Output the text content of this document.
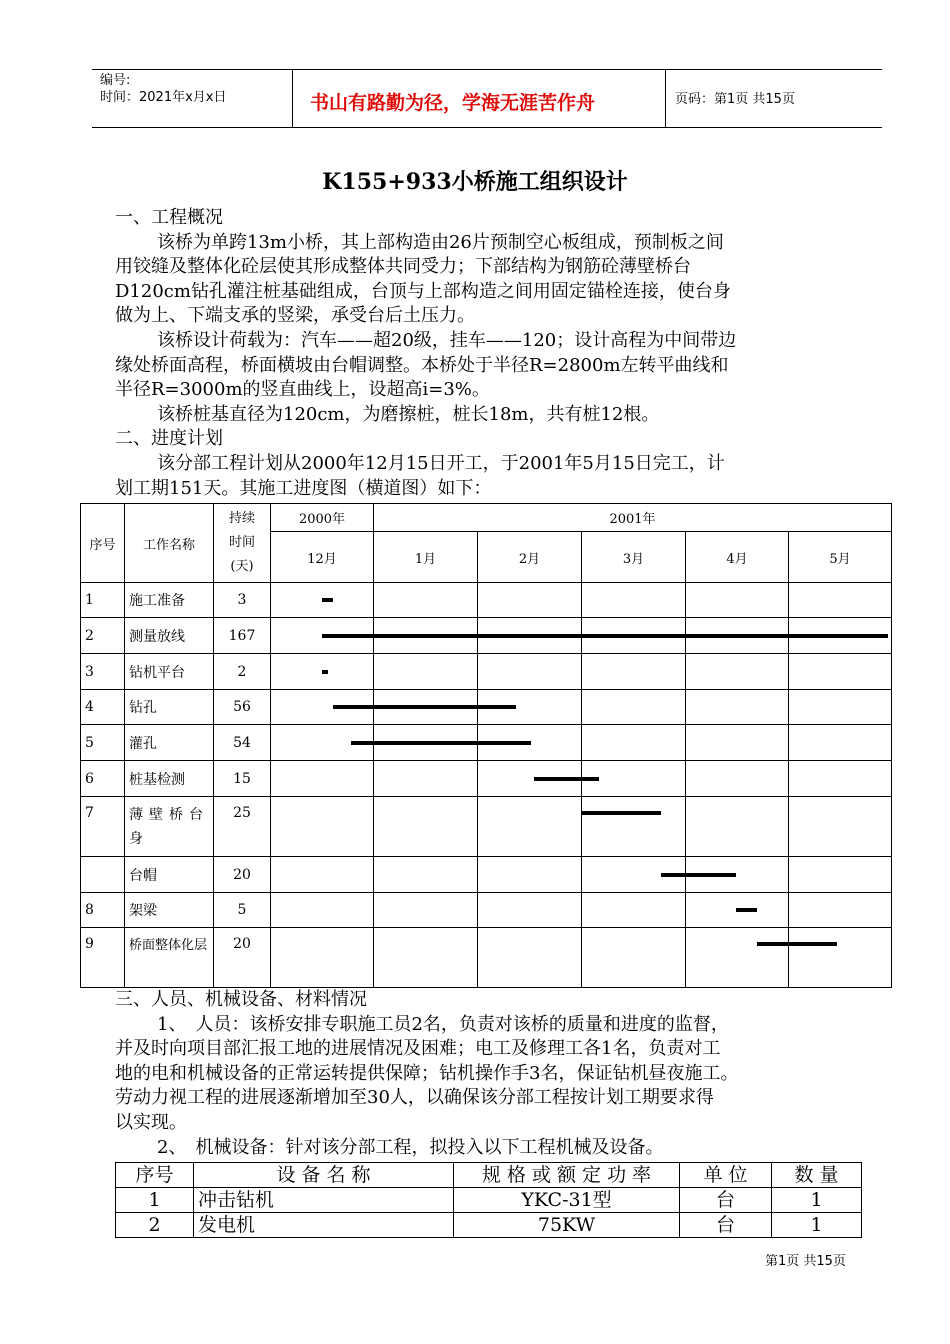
编号:
时间：2021年x月x日	书山有路勤为径，学海无涯苦作舟	页码：第1页 共15页
K155+933小桥施工组织设计
一、工程概况
该桥为单跨13m小桥，其上部构造由26片预制空心板组成，预制板之间
用铰缝及整体化砼层使其形成整体共同受力；下部结构为钢筋砼薄壁桥台
D120cm钻孔灌注桩基础组成，台顶与上部构造之间用固定锚栓连接，使台身
做为上、下端支承的竖梁，承受台后土压力。
该桥设计荷载为：汽车——超20级，挂车——120；设计高程为中间带边
缘处桥面高程，桥面横坡由台帽调整。本桥处于半径R=2800m左转平曲线和
半径R=3000m的竖直曲线上，设超高i=3%。
该桥桩基直径为120cm，为磨擦桩，桩长18m，共有桩12根。
二、进度计划
该分部工程计划从2000年12月15日开工，于2001年5月15日完工，计
划工期151天。其施工进度图（横道图）如下：
序号	工作名称	持续
时间
(天)	2000年	2001年				
			12月	1月	2月	3月	4月	5月
1	施工准备	3						
2	测量放线	167						
3	钻机平台	2						
4	钻孔	56						
5	灌孔	54						
6	桩基检测	15						
7	薄壁桥台身	25						
	台帽	20						
8	架梁	5						
9	桥面整体化层	20						
三、人员、机械设备、材料情况
1、　人员：该桥安排专职施工员2名，负责对该桥的质量和进度的监督，
并及时向项目部汇报工地的进展情况及困难；电工及修理工各1名，负责对工
地的电和机械设备的正常运转提供保障；钻机操作手3名，保证钻机昼夜施工。
劳动力视工程的进展逐渐增加至30人，以确保该分部工程按计划工期要求得
以实现。
2、　机械设备：针对该分部工程，拟投入以下工程机械及设备。
序号	设 备 名 称	规 格 或 额 定 功 率	单 位	数 量
1	冲击钻机	YKC-31型	台	1
2	发电机	75KW	台	1
第1页 共15页
